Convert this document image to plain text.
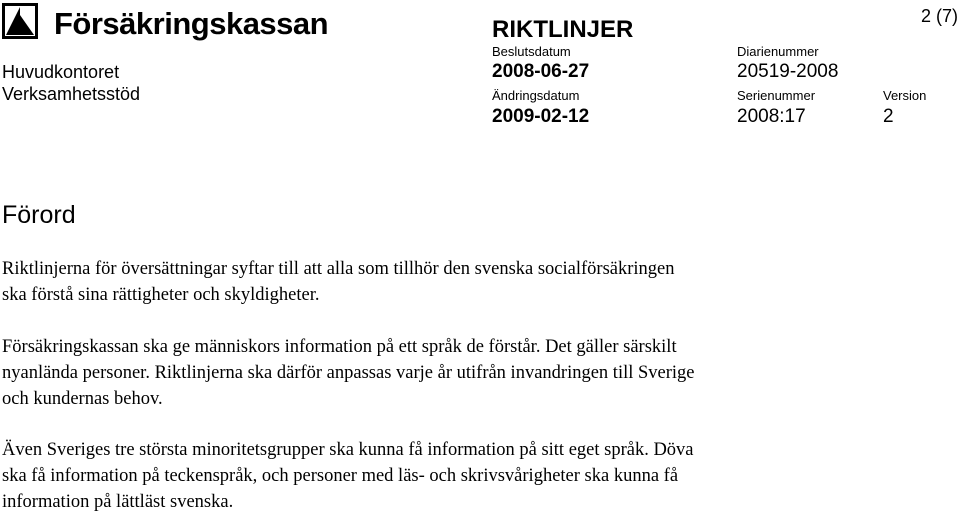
Försäkringskassan
Huvudkontoret
Verksamhetsstöd
RIKTLINJER	2 (7)
Beslutsdatum
2008-06-27
Diarienummer
20519-2008
Ändringsdatum
2009-02-12
Serienummer
2008:17
Version
2
Förord
Riktlinjerna för översättningar syftar till att alla som tillhör den svenska socialförsäkringen ska förstå sina rättigheter och skyldigheter.
Försäkringskassan ska ge människors information på ett språk de förstår. Det gäller särskilt nyanlända personer. Riktlinjerna ska därför anpassas varje år utifrån invandringen till Sverige och kundernas behov.
Även Sveriges tre största minoritetsgrupper ska kunna få information på sitt eget språk. Döva ska få information på teckenspråk, och personer med läs- och skrivsvårigheter ska kunna få information på lättläst svenska.
